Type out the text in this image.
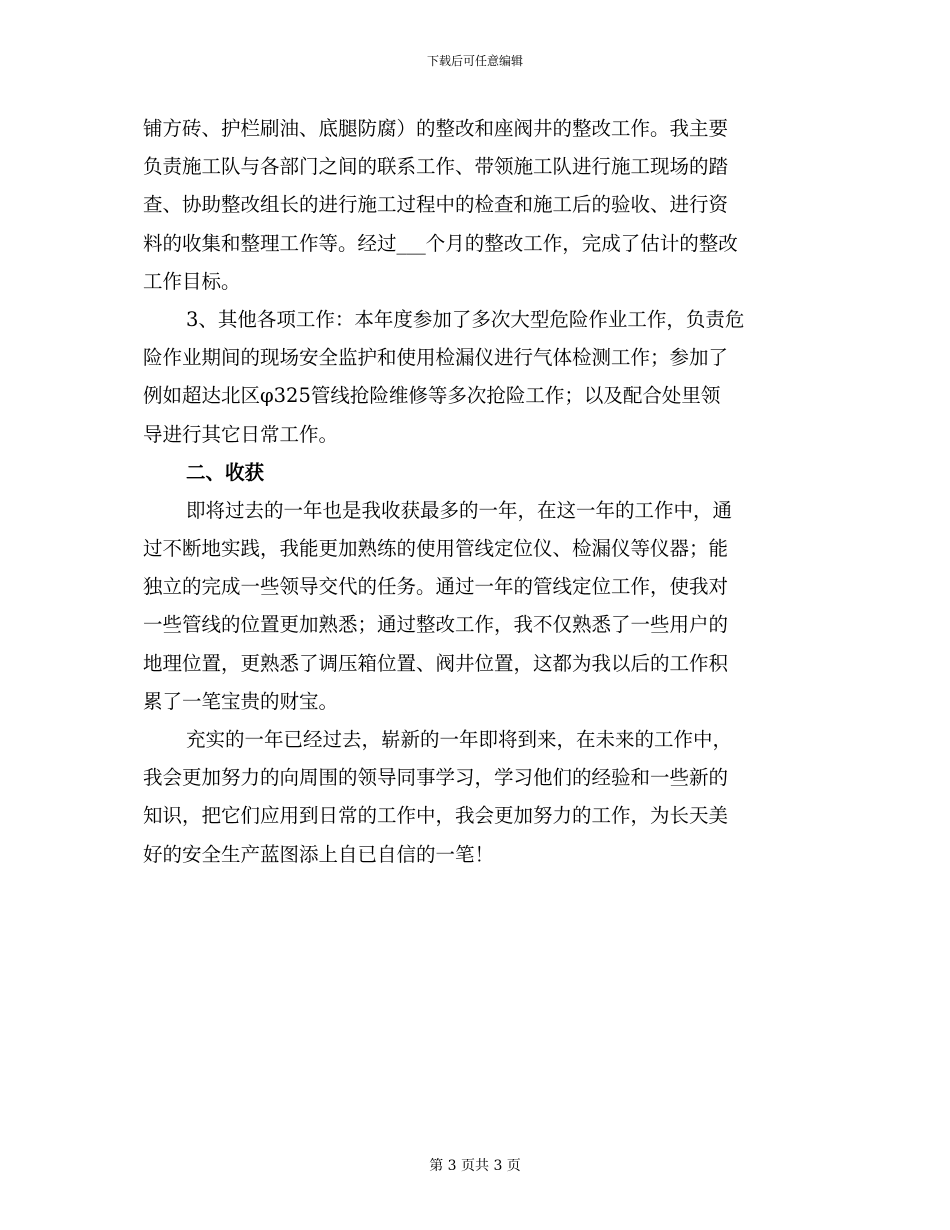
下载后可任意编辑
铺方砖、护栏刷油、底腿防腐）的整改和座阀井的整改工作。我主要
负责施工队与各部门之间的联系工作、带领施工队进行施工现场的踏
查、协助整改组长的进行施工过程中的检查和施工后的验收、进行资
料的收集和整理工作等。经过___个月的整改工作，完成了估计的整改
工作目标。
3、其他各项工作：本年度参加了多次大型危险作业工作，负责危
险作业期间的现场安全监护和使用检漏仪进行气体检测工作；参加了
例如超达北区φ325管线抢险维修等多次抢险工作；以及配合处里领
导进行其它日常工作。
二、收获
即将过去的一年也是我收获最多的一年，在这一年的工作中，通
过不断地实践，我能更加熟练的使用管线定位仪、检漏仪等仪器；能
独立的完成一些领导交代的任务。通过一年的管线定位工作，使我对
一些管线的位置更加熟悉；通过整改工作，我不仅熟悉了一些用户的
地理位置，更熟悉了调压箱位置、阀井位置，这都为我以后的工作积
累了一笔宝贵的财宝。
充实的一年已经过去，崭新的一年即将到来，在未来的工作中，
我会更加努力的向周围的领导同事学习，学习他们的经验和一些新的
知识，把它们应用到日常的工作中，我会更加努力的工作，为长天美
好的安全生产蓝图添上自已自信的一笔！
第 3 页共 3 页
